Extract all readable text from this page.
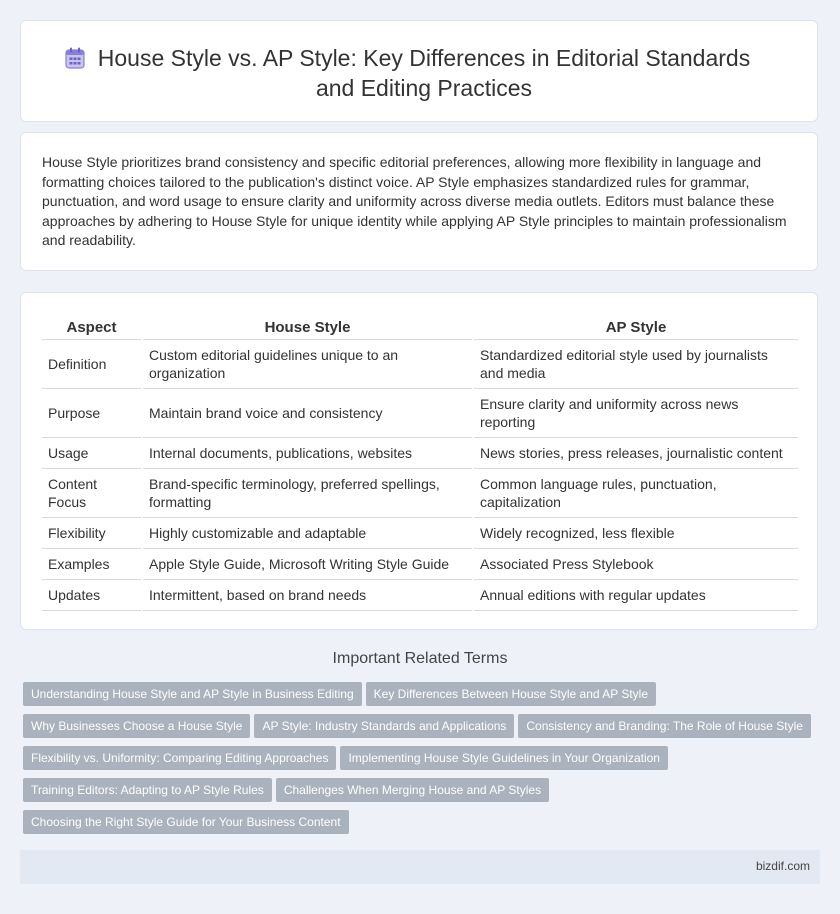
House Style vs. AP Style: Key Differences in Editorial Standards and Editing Practices

House Style prioritizes brand consistency and specific editorial preferences, allowing more flexibility in language and formatting choices tailored to the publication's distinct voice. AP Style emphasizes standardized rules for grammar, punctuation, and word usage to ensure clarity and uniformity across diverse media outlets. Editors must balance these approaches by adhering to House Style for unique identity while applying AP Style principles to maintain professionalism and readability.

Aspect	House Style	AP Style
Definition	Custom editorial guidelines unique to an organization	Standardized editorial style used by journalists and media
Purpose	Maintain brand voice and consistency	Ensure clarity and uniformity across news reporting
Usage	Internal documents, publications, websites	News stories, press releases, journalistic content
Content Focus	Brand-specific terminology, preferred spellings, formatting	Common language rules, punctuation, capitalization
Flexibility	Highly customizable and adaptable	Widely recognized, less flexible
Examples	Apple Style Guide, Microsoft Writing Style Guide	Associated Press Stylebook
Updates	Intermittent, based on brand needs	Annual editions with regular updates
Important Related Terms
Understanding House Style and AP Style in Business Editing Key Differences Between House Style and AP Style
Why Businesses Choose a House Style AP Style: Industry Standards and Applications Consistency and Branding: The Role of House Style
Flexibility vs. Uniformity: Comparing Editing Approaches Implementing House Style Guidelines in Your Organization
Training Editors: Adapting to AP Style Rules Challenges When Merging House and AP Styles
Choosing the Right Style Guide for Your Business Content
bizdif.com
